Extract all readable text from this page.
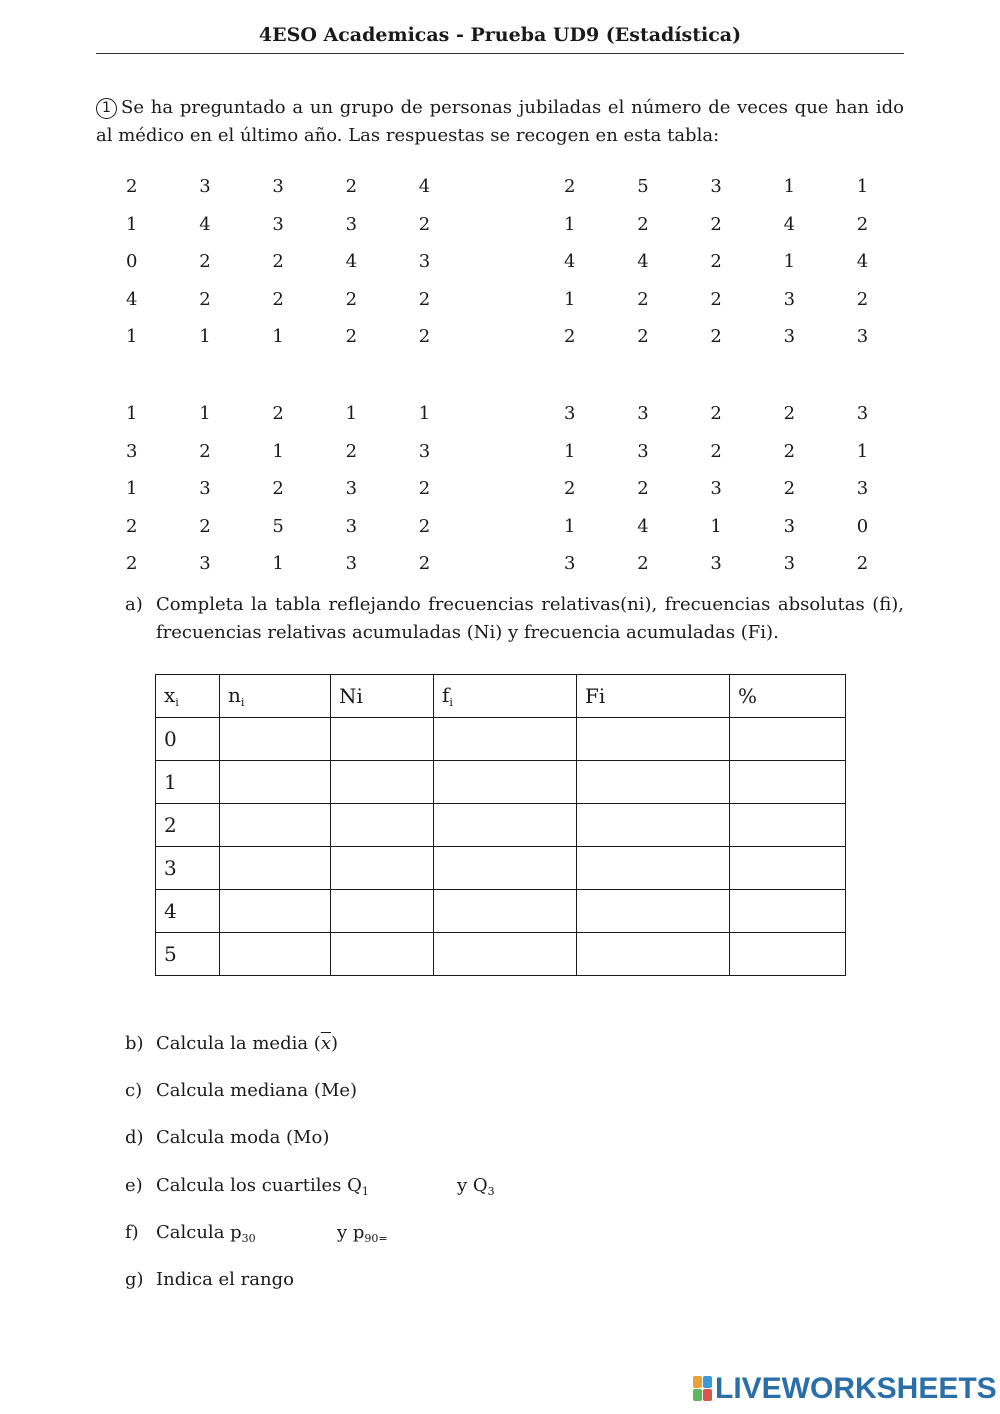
4ESO Academicas - Prueba UD9 (Estadística)
1 Se ha preguntado a un grupo de personas jubiladas el número de veces que han ido al médico en el último año. Las respuestas se recogen en esta tabla:
2	3	3	2	4
1	4	3	3	2
0	2	2	4	3
4	2	2	2	2
1	1	1	2	2
2	5	3	1	1
1	2	2	4	2
4	4	2	1	4
1	2	2	3	2
2	2	2	3	3
1	1	2	1	1
3	2	1	2	3
1	3	2	3	2
2	2	5	3	2
2	3	1	3	2
3	3	2	2	3
1	3	2	2	1
2	2	3	2	3
1	4	1	3	0
3	2	3	3	2
a) Completa la tabla reflejando frecuencias relativas(ni), frecuencias absolutas (fi), frecuencias relativas acumuladas (Ni) y frecuencia acumuladas (Fi).
$x_i$	$n_i$	Ni	$f_i$	Fi	%
0					
1					
2					
3					
4					
5					
b) Calcula la media $(\overline{x})$
c) Calcula mediana (Me)
d) Calcula moda (Mo)
e) Calcula los cuartiles $Q_1$	y $Q_3$
f) Calcula $p_{30}$	y $p_{90=}$
g) Indica el rango
LIVEWORKSHEETS
